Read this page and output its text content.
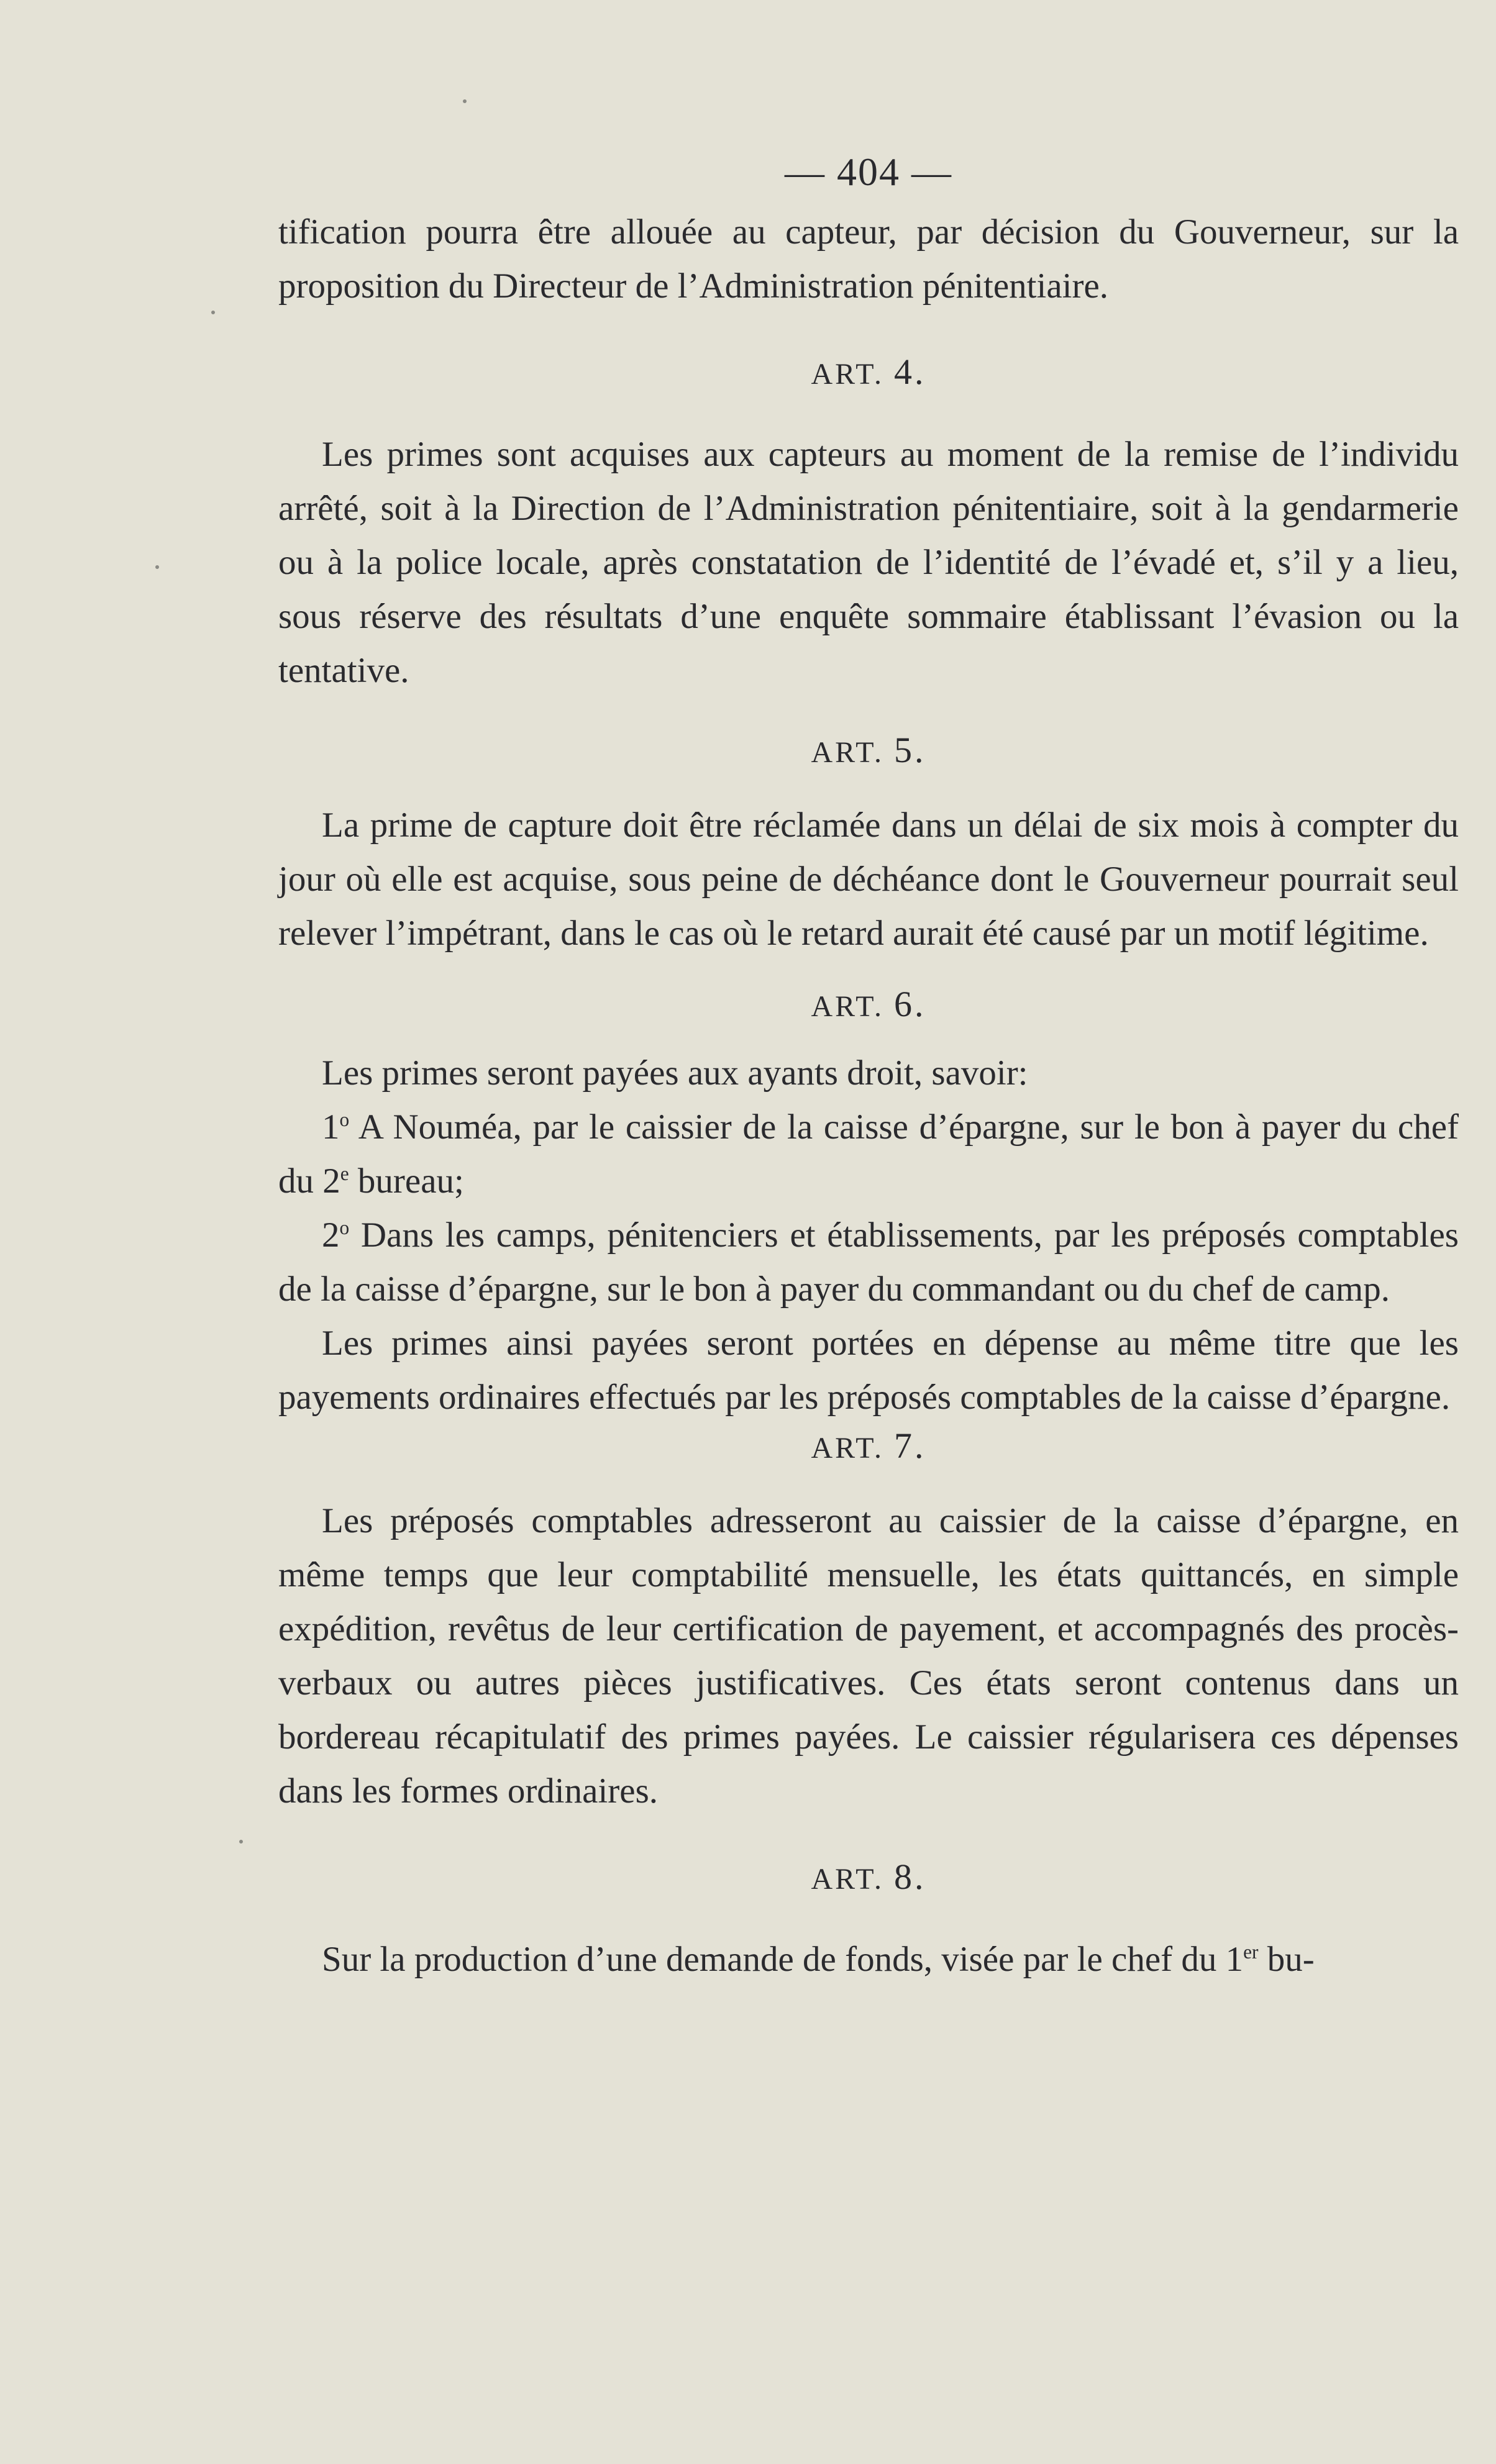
— 404 —

tification pourra être allouée au capteur, par décision du Gouverneur, sur la proposition du Directeur de l’Administration pénitentiaire.

ART. 4.

Les primes sont acquises aux capteurs au moment de la remise de l’individu arrêté, soit à la Direction de l’Administration pénitentiaire, soit à la gendarmerie ou à la police locale, après constatation de l’identité de l’évadé et, s’il y a lieu, sous réserve des résultats d’une enquête sommaire établissant l’évasion ou la tentative.

ART. 5.

La prime de capture doit être réclamée dans un délai de six mois à compter du jour où elle est acquise, sous peine de déchéance dont le Gouverneur pourrait seul relever l’impétrant, dans le cas où le retard aurait été causé par un motif légitime.

ART. 6.

Les primes seront payées aux ayants droit, savoir:

1$^o$ A Nouméa, par le caissier de la caisse d’épargne, sur le bon à payer du chef du 2e bureau;

2$^o$ Dans les camps, pénitenciers et établissements, par les préposés comptables de la caisse d’épargne, sur le bon à payer du commandant ou du chef de camp.

Les primes ainsi payées seront portées en dépense au même titre que les payements ordinaires effectués par les préposés comptables de la caisse d’épargne.

ART. 7.

Les préposés comptables adresseront au caissier de la caisse d’épargne, en même temps que leur comptabilité mensuelle, les états quittancés, en simple expédition, revêtus de leur certification de payement, et accompagnés des procès-verbaux ou autres pièces justificatives. Ces états seront contenus dans un bordereau récapitulatif des primes payées. Le caissier régularisera ces dépenses dans les formes ordinaires.

ART. 8.

Sur la production d’une demande de fonds, visée par le chef du 1er bu-
